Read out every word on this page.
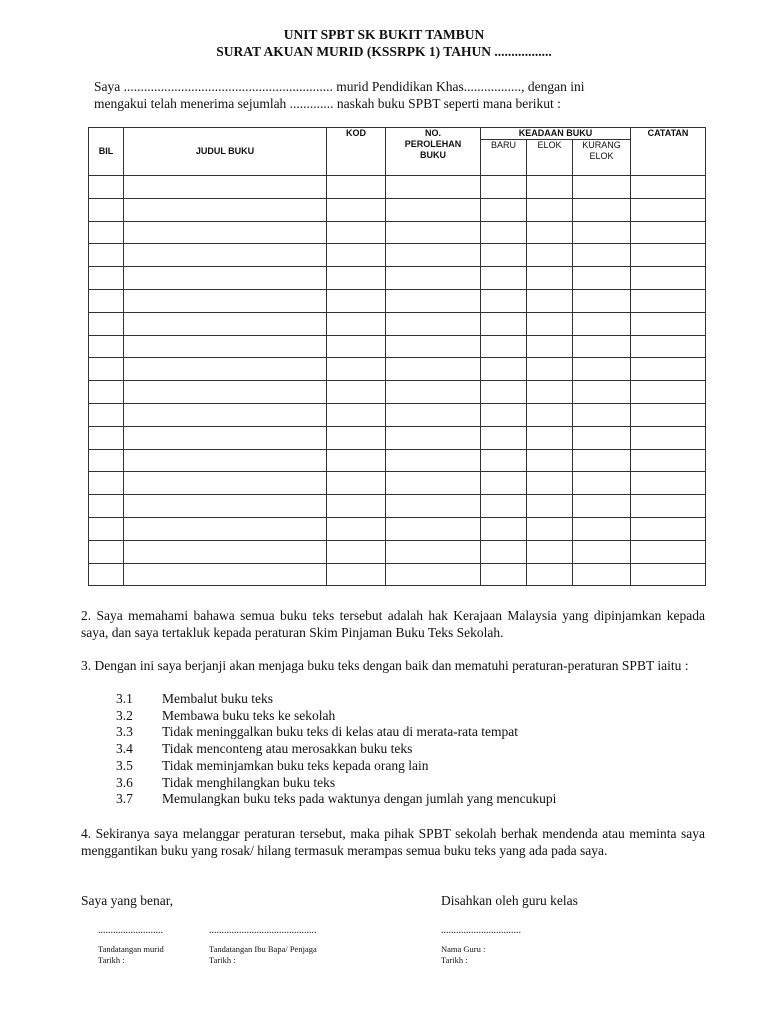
UNIT SPBT SK BUKIT TAMBUN
SURAT AKUAN MURID (KSSRPK 1) TAHUN .................
Saya .............................................................. murid Pendidikan Khas................., dengan ini
mengakui telah menerima sejumlah ............. naskah buku SPBT seperti mana berikut :
BIL	JUDUL BUKU	KOD	NO. PEROLEHAN BUKU	KEADAAN BUKU			CATATAN
				BARU	ELOK	KURANG ELOK	

2. Saya memahami bahawa semua buku teks tersebut adalah hak Kerajaan Malaysia yang dipinjamkan kepada saya, dan saya tertakluk kepada peraturan Skim Pinjaman Buku Teks Sekolah.
3. Dengan ini saya berjanji akan menjaga buku teks dengan baik dan mematuhi peraturan-peraturan SPBT iaitu :
3.1	Membalut buku teks
3.2	Membawa buku teks ke sekolah
3.3	Tidak meninggalkan buku teks di kelas atau di merata-rata tempat
3.4	Tidak menconteng atau merosakkan buku teks
3.5	Tidak meminjamkan buku teks kepada orang lain
3.6	Tidak menghilangkan buku teks
3.7	Memulangkan buku teks pada waktunya dengan jumlah yang mencukupi
4. Sekiranya saya melanggar peraturan tersebut, maka pihak SPBT sekolah berhak mendenda atau meminta saya menggantikan buku yang rosak/ hilang termasuk merampas semua buku teks yang ada pada saya.
Saya yang benar,	Disahkan oleh guru kelas
..........................	...........................................	................................
Tandatangan murid
Tarikh :
Tandatangan Ibu Bapa/ Penjaga
Tarikh :
Nama Guru :
Tarikh :
